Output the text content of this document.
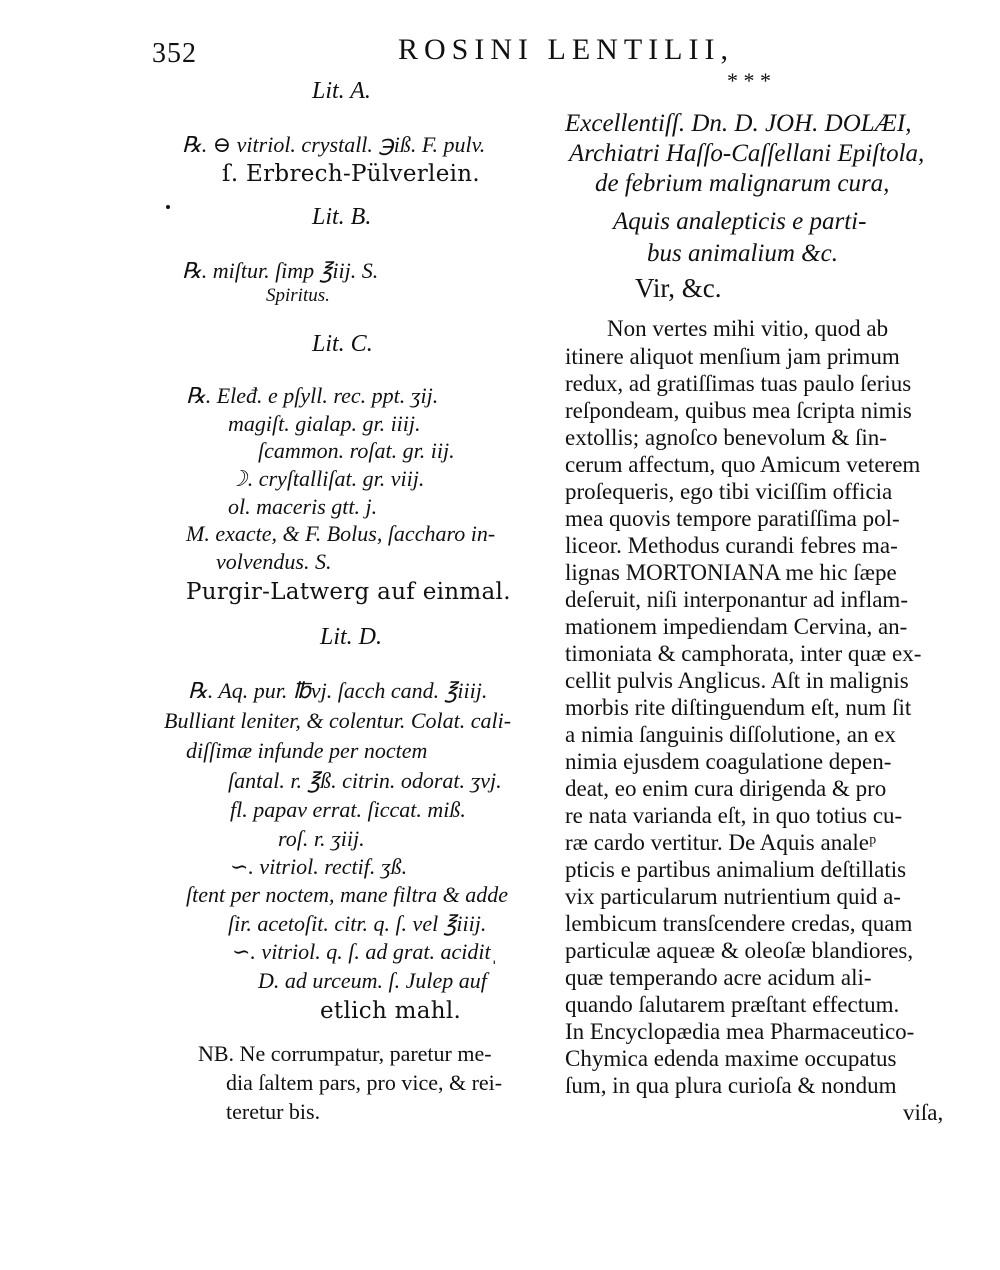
352	ROSINI LENTILII,
Lit. A.
℞. ⊖ vitriol. crystall. ℈iß. F. pulv.
ſ. Erbrech-Pülverlein.
Lit. B.
℞. miſtur. ſimp ℥iij. S.
Spiritus.
Lit. C.
℞. Eleđ. e pſyll. rec. ppt. ʒij.
magiſt. gialap. gr. iiij.
ſcammon. roſat. gr. iij.
☽. cryſtalliſat. gr. viij.
ol. maceris gtt. j.
M. exacte, & F. Bolus, ſaccharo in-
volvendus. S.
Purgir-Latwerg auf einmal.
Lit. D.
℞. Aq. pur. ℔vj. ſacch cand. ℥iiij.
Bulliant leniter, & colentur. Colat. cali-
diſſimæ infunde per noctem
ſantal. r. ℥ß. citrin. odorat. ʒvj.
fl. papav errat. ſiccat. miß.
roſ. r. ʒiij.
∽. vitriol. rectif. ʒß.
ſtent per noctem, mane filtra & adde
ſir. acetoſit. citr. q. ſ. vel ℥iiij.
∽. vitriol. q. ſ. ad grat. aciditˌ
D. ad urceum. ſ. Julep auf
etlich mahl.
NB. Ne corrumpatur, paretur me-
dia ſaltem pars, pro vice, & rei-
teretur bis.
* * *
Excellentiſſ. Dn. D. JOH. DOLÆI,
Archiatri Haſſo-Caſſellani Epiſtola,
de febrium malignarum cura,
Aquis analepticis e parti-
bus animalium &c.
Vir, &c.
Non vertes mihi vitio, quod ab
itinere aliquot menſium jam primum
redux, ad gratiſſimas tuas paulo ſerius
reſpondeam, quibus mea ſcripta nimis
extollis; agnoſco benevolum & ſin-
cerum affectum, quo Amicum veterem
proſequeris, ego tibi viciſſim officia
mea quovis tempore paratiſſima pol-
liceor. Methodus curandi febres ma-
lignas MORTONIANA me hic ſæpe
deſeruit, niſi interponantur ad inflam-
mationem impediendam Cervina, an-
timoniata & camphorata, inter quæ ex-
cellit pulvis Anglicus. Aſt in malignis
morbis rite diſtinguendum eſt, num ſit
a nimia ſanguinis diſſolutione, an ex
nimia ejusdem coagulatione depen-
deat, eo enim cura dirigenda & pro
re nata varianda eſt, in quo totius cu-
ræ cardo vertitur. De Aquis analeᵖ
pticis e partibus animalium deſtillatis
vix particularum nutrientium quid a-
lembicum transſcendere credas, quam
particulæ aqueæ & oleoſæ blandiores,
quæ temperando acre acidum ali-
quando ſalutarem præſtant effectum.
In Encyclopædia mea Pharmaceutico-
Chymica edenda maxime occupatus
ſum, in qua plura curioſa & nondum
viſa,
